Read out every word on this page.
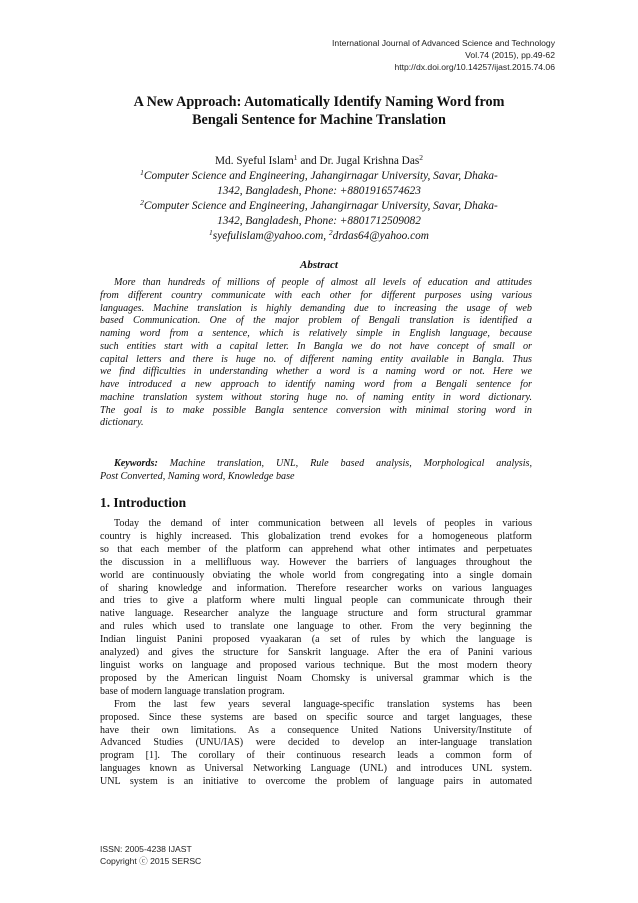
International Journal of Advanced Science and Technology
Vol.74 (2015), pp.49-62
http://dx.doi.org/10.14257/ijast.2015.74.06
A New Approach: Automatically Identify Naming Word from
Bengali Sentence for Machine Translation
Md. Syeful Islam$^1$ and Dr. Jugal Krishna Das$^2$
$^1$Computer Science and Engineering, Jahangirnagar University, Savar, Dhaka-
1342, Bangladesh, Phone: +8801916574623
$^2$Computer Science and Engineering, Jahangirnagar University, Savar, Dhaka-
1342, Bangladesh, Phone: +8801712509082
$^1$syefulislam@yahoo.com, $^2$drdas64@yahoo.com
Abstract
More than hundreds of millions of people of almost all levels of education and attitudes
from different country communicate with each other for different purposes using various
languages. Machine translation is highly demanding due to increasing the usage of web
based Communication. One of the major problem of Bengali translation is identified a
naming word from a sentence, which is relatively simple in English language, because
such entities start with a capital letter. In Bangla we do not have concept of small or
capital letters and there is huge no. of different naming entity available in Bangla. Thus
we find difficulties in understanding whether a word is a naming word or not. Here we
have introduced a new approach to identify naming word from a Bengali sentence for
machine translation system without storing huge no. of naming entity in word dictionary.
The goal is to make possible Bangla sentence conversion with minimal storing word in
dictionary.
Keywords: Machine translation, UNL, Rule based analysis, Morphological analysis,
Post Converted, Naming word, Knowledge base
1. Introduction
Today the demand of inter communication between all levels of peoples in various
country is highly increased. This globalization trend evokes for a homogeneous platform
so that each member of the platform can apprehend what other intimates and perpetuates
the discussion in a mellifluous way. However the barriers of languages throughout the
world are continuously obviating the whole world from congregating into a single domain
of sharing knowledge and information. Therefore researcher works on various languages
and tries to give a platform where multi lingual people can communicate through their
native language. Researcher analyze the language structure and form structural grammar
and rules which used to translate one language to other. From the very beginning the
Indian linguist Panini proposed vyaakaran (a set of rules by which the language is
analyzed) and gives the structure for Sanskrit language. After the era of Panini various
linguist works on language and proposed various technique. But the most modern theory
proposed by the American linguist Noam Chomsky is universal grammar which is the
base of modern language translation program.
From the last few years several language-specific translation systems has been
proposed. Since these systems are based on specific source and target languages, these
have their own limitations. As a consequence United Nations University/Institute of
Advanced Studies (UNU/IAS) were decided to develop an inter-language translation
program [1]. The corollary of their continuous research leads a common form of
languages known as Universal Networking Language (UNL) and introduces UNL system.
UNL system is an initiative to overcome the problem of language pairs in automated
ISSN: 2005-4238 IJAST
Copyright ⓒ 2015 SERSC
